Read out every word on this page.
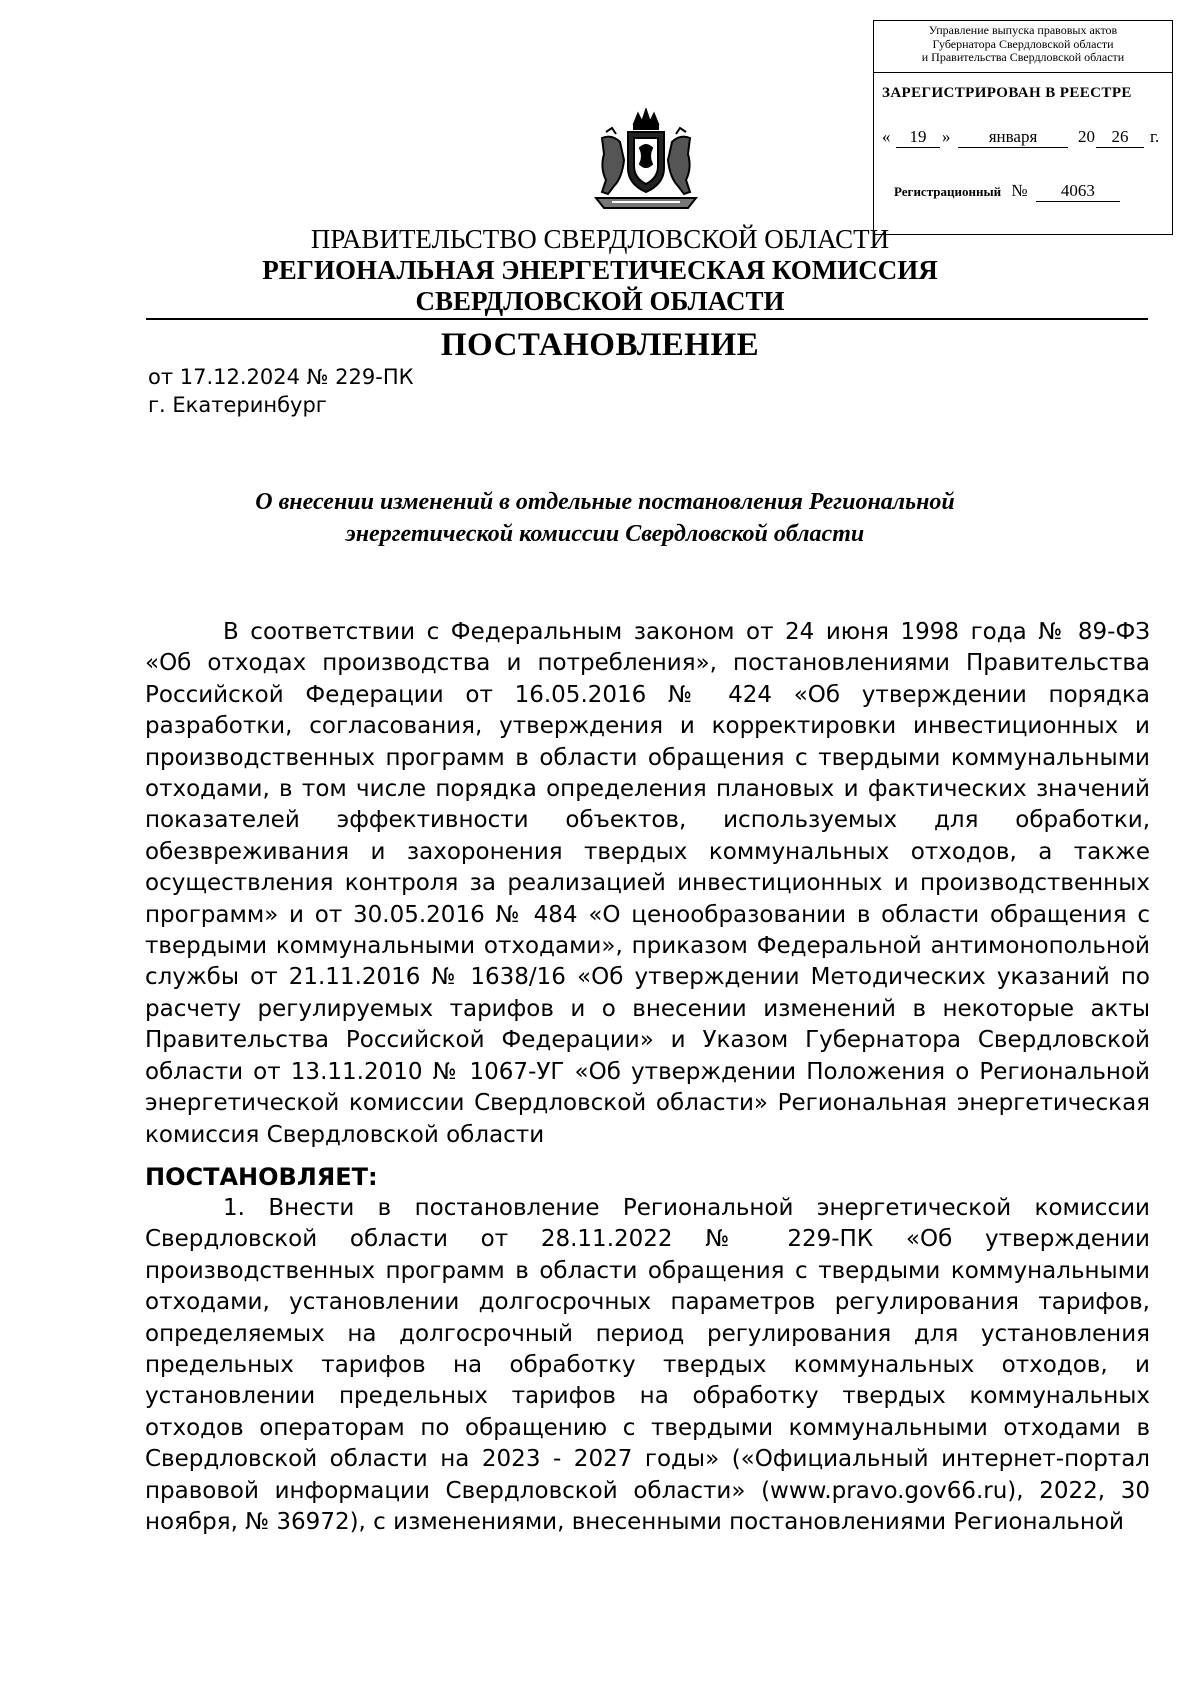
Управление выпуска правовых актов
Губернатора Свердловской области
и Правительства Свердловской области
ЗАРЕГИСТРИРОВАН В РЕЕСТРЕ
«	19 »	января	20 26	г.
Регистрационный № 4063
ПРАВИТЕЛЬСТВО СВЕРДЛОВСКОЙ ОБЛАСТИ
РЕГИОНАЛЬНАЯ ЭНЕРГЕТИЧЕСКАЯ КОМИССИЯ
СВЕРДЛОВСКОЙ ОБЛАСТИ
ПОСТАНОВЛЕНИЕ
от 17.12.2024 № 229-ПК
г. Екатеринбург
О внесении изменений в отдельные постановления Региональной
энергетической комиссии Свердловской области
В соответствии с Федеральным законом от 24 июня 1998 года № 89-ФЗ «Об отходах производства и потребления», постановлениями Правительства Российской Федерации от 16.05.2016 № 424 «Об утверждении порядка разработки, согласования, утверждения и корректировки инвестиционных и производственных программ в области обращения с твердыми коммунальными отходами, в том числе порядка определения плановых и фактических значений показателей эффективности объектов, используемых для обработки, обезвреживания и захоронения твердых коммунальных отходов, а также осуществления контроля за реализацией инвестиционных и производственных программ» и от 30.05.2016 № 484 «О ценообразовании в области обращения с твердыми коммунальными отходами», приказом Федеральной антимонопольной службы от 21.11.2016 № 1638/16 «Об утверждении Методических указаний по расчету регулируемых тарифов и о внесении изменений в некоторые акты Правительства Российской Федерации» и Указом Губернатора Свердловской области от 13.11.2010 № 1067-УГ «Об утверждении Положения о Региональной энергетической комиссии Свердловской области» Региональная энергетическая комиссия Свердловской области
ПОСТАНОВЛЯЕТ:
1. Внести в постановление Региональной энергетической комиссии Свердловской области от 28.11.2022 № 229-ПК «Об утверждении производственных программ в области обращения с твердыми коммунальными отходами, установлении долгосрочных параметров регулирования тарифов, определяемых на долгосрочный период регулирования для установления предельных тарифов на обработку твердых коммунальных отходов, и установлении предельных тарифов на обработку твердых коммунальных отходов операторам по обращению с твердыми коммунальными отходами в Свердловской области на 2023 - 2027 годы» («Официальный интернет-портал правовой информации Свердловской области» (www.pravo.gov66.ru), 2022, 30 ноября, № 36972), с изменениями, внесенными постановлениями Региональной
